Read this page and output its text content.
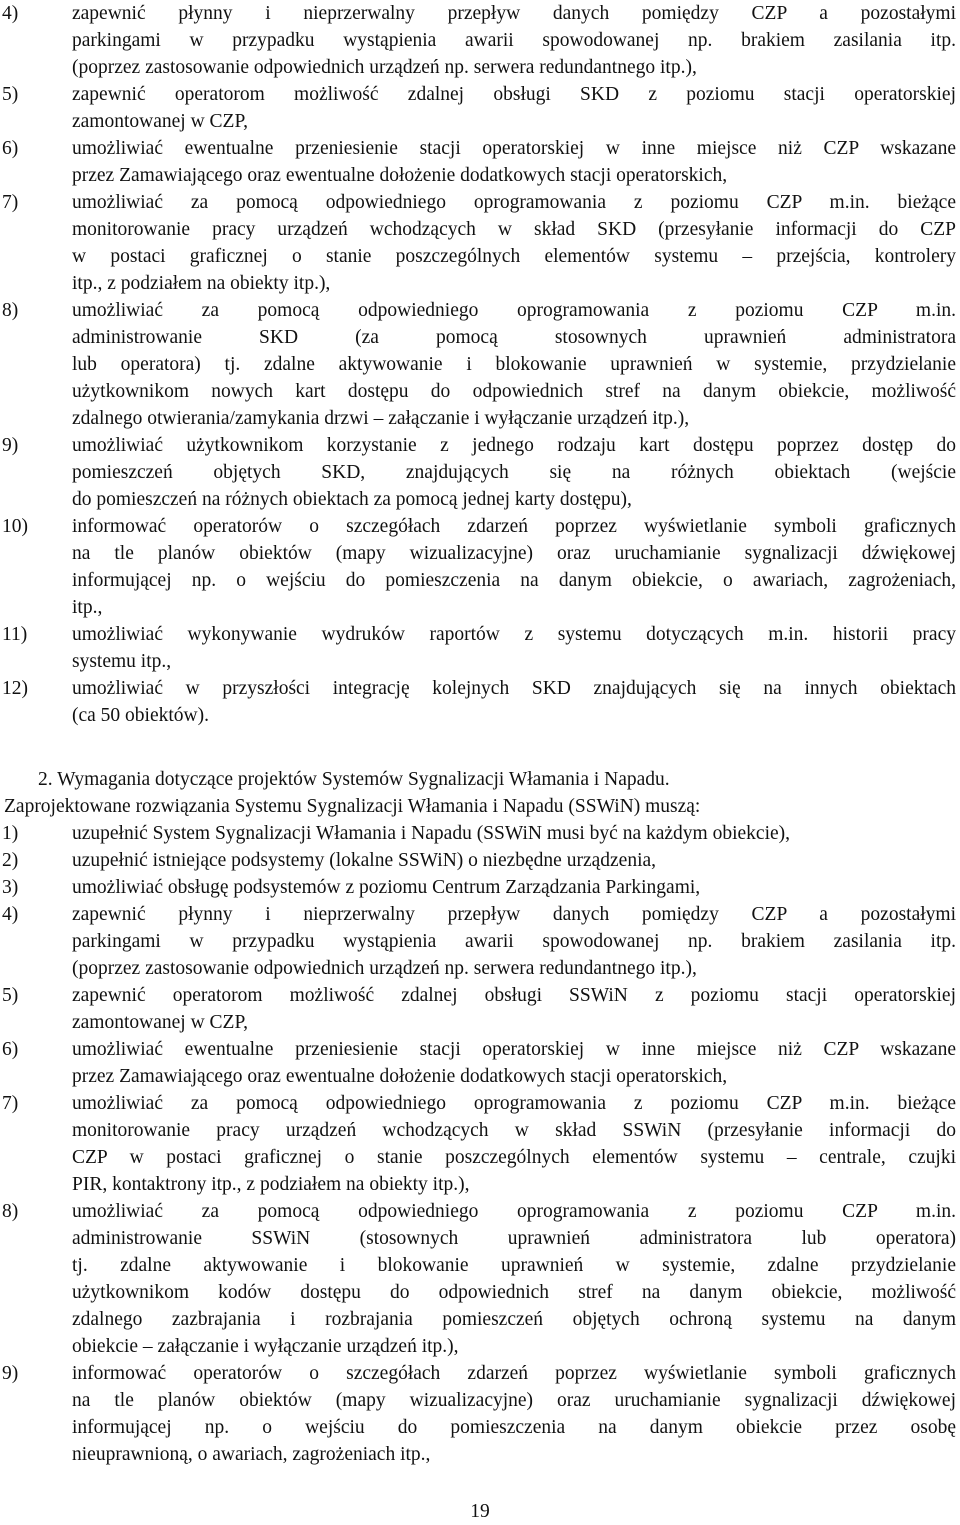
4)	zapewnić płynny i nieprzerwalny przepływ danych pomiędzy CZP a pozostałymi
parkingami w przypadku wystąpienia awarii spowodowanej np. brakiem zasilania itp.
(poprzez zastosowanie odpowiednich urządzeń np. serwera redundantnego itp.),
5)	zapewnić operatorom możliwość zdalnej obsługi SKD z poziomu stacji operatorskiej
zamontowanej w CZP,
6)	umożliwiać ewentualne przeniesienie stacji operatorskiej w inne miejsce niż CZP wskazane
przez Zamawiającego oraz ewentualne dołożenie dodatkowych stacji operatorskich,
7)	umożliwiać za pomocą odpowiedniego oprogramowania z poziomu CZP m.in. bieżące
monitorowanie pracy urządzeń wchodzących w skład SKD (przesyłanie informacji do CZP
w postaci graficznej o stanie poszczególnych elementów systemu – przejścia, kontrolery
itp., z podziałem na obiekty itp.),
8)	umożliwiać za pomocą odpowiedniego oprogramowania z poziomu CZP m.in.
administrowanie SKD (za pomocą stosownych uprawnień administratora
lub operatora) tj. zdalne aktywowanie i blokowanie uprawnień w systemie, przydzielanie
użytkownikom nowych kart dostępu do odpowiednich stref na danym obiekcie, możliwość
zdalnego otwierania/zamykania drzwi – załączanie i wyłączanie urządzeń itp.),
9)	umożliwiać użytkownikom korzystanie z jednego rodzaju kart dostępu poprzez dostęp do
pomieszczeń objętych SKD, znajdujących się na różnych obiektach (wejście
do pomieszczeń na różnych obiektach za pomocą jednej karty dostępu),
10) informować operatorów o szczegółach zdarzeń poprzez wyświetlanie symboli graficznych
na tle planów obiektów (mapy wizualizacyjne) oraz uruchamianie sygnalizacji dźwiękowej
informującej np. o wejściu do pomieszczenia na danym obiekcie, o awariach, zagrożeniach,
itp.,
11) umożliwiać wykonywanie wydruków raportów z systemu dotyczących m.in. historii pracy
systemu itp.,
12) umożliwiać w przyszłości integrację kolejnych SKD znajdujących się na innych obiektach
(ca 50 obiektów).
2. Wymagania dotyczące projektów Systemów Sygnalizacji Włamania i Napadu.
Zaprojektowane rozwiązania Systemu Sygnalizacji Włamania i Napadu (SSWiN) muszą:
1)	uzupełnić System Sygnalizacji Włamania i Napadu (SSWiN musi być na każdym obiekcie),
2)	uzupełnić istniejące podsystemy (lokalne SSWiN) o niezbędne urządzenia,
3)	umożliwiać obsługę podsystemów z poziomu Centrum Zarządzania Parkingami,
4)	zapewnić płynny i nieprzerwalny przepływ danych pomiędzy CZP a pozostałymi
parkingami w przypadku wystąpienia awarii spowodowanej np. brakiem zasilania itp.
(poprzez zastosowanie odpowiednich urządzeń np. serwera redundantnego itp.),
5)	zapewnić operatorom możliwość zdalnej obsługi SSWiN z poziomu stacji operatorskiej
zamontowanej w CZP,
6)	umożliwiać ewentualne przeniesienie stacji operatorskiej w inne miejsce niż CZP wskazane
przez Zamawiającego oraz ewentualne dołożenie dodatkowych stacji operatorskich,
7)	umożliwiać za pomocą odpowiedniego oprogramowania z poziomu CZP m.in. bieżące
monitorowanie pracy urządzeń wchodzących w skład SSWiN (przesyłanie informacji do
CZP w postaci graficznej o stanie poszczególnych elementów systemu – centrale, czujki
PIR, kontaktrony itp., z podziałem na obiekty itp.),
8)	umożliwiać za pomocą odpowiedniego oprogramowania z poziomu CZP m.in.
administrowanie SSWiN (stosownych uprawnień administratora lub operatora)
tj. zdalne aktywowanie i blokowanie uprawnień w systemie, zdalne przydzielanie
użytkownikom kodów dostępu do odpowiednich stref na danym obiekcie, możliwość
zdalnego zazbrajania i rozbrajania pomieszczeń objętych ochroną systemu na danym
obiekcie – załączanie i wyłączanie urządzeń itp.),
9)	informować operatorów o szczegółach zdarzeń poprzez wyświetlanie symboli graficznych
na tle planów obiektów (mapy wizualizacyjne) oraz uruchamianie sygnalizacji dźwiękowej
informującej np. o wejściu do pomieszczenia na danym obiekcie przez osobę
nieuprawnioną, o awariach, zagrożeniach itp.,
19
